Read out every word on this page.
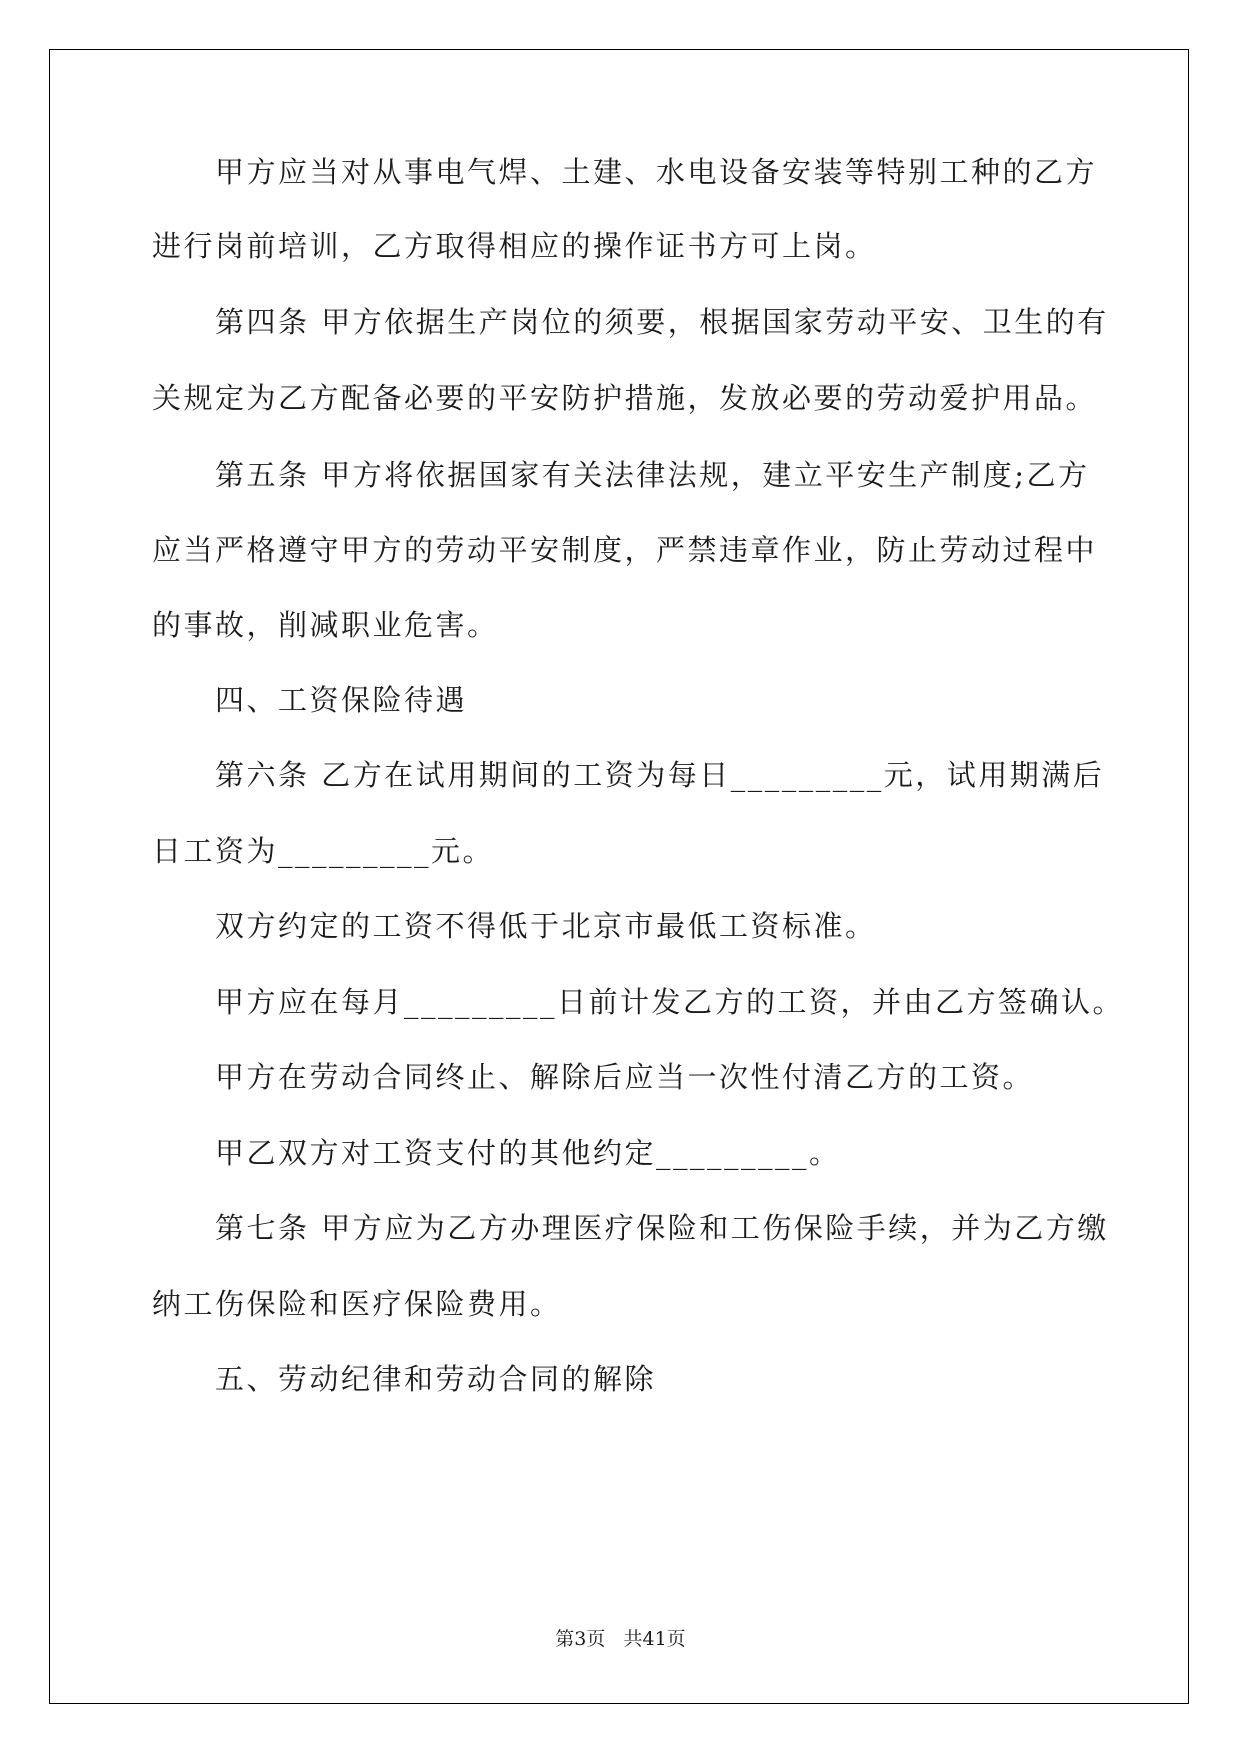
甲方应当对从事电气焊、土建、水电设备安装等特别工种的乙方

进行岗前培训，乙方取得相应的操作证书方可上岗。

第四条 甲方依据生产岗位的须要，根据国家劳动平安、卫生的有

关规定为乙方配备必要的平安防护措施，发放必要的劳动爱护用品。

第五条 甲方将依据国家有关法律法规，建立平安生产制度;乙方

应当严格遵守甲方的劳动平安制度，严禁违章作业，防止劳动过程中

的事故，削减职业危害。

四、工资保险待遇

第六条 乙方在试用期间的工资为每日_________元，试用期满后

日工资为_________元。

双方约定的工资不得低于北京市最低工资标准。

甲方应在每月_________日前计发乙方的工资，并由乙方签确认。

甲方在劳动合同终止、解除后应当一次性付清乙方的工资。

甲乙双方对工资支付的其他约定_________。

第七条 甲方应为乙方办理医疗保险和工伤保险手续，并为乙方缴

纳工伤保险和医疗保险费用。

五、劳动纪律和劳动合同的解除

第3页   共41页
